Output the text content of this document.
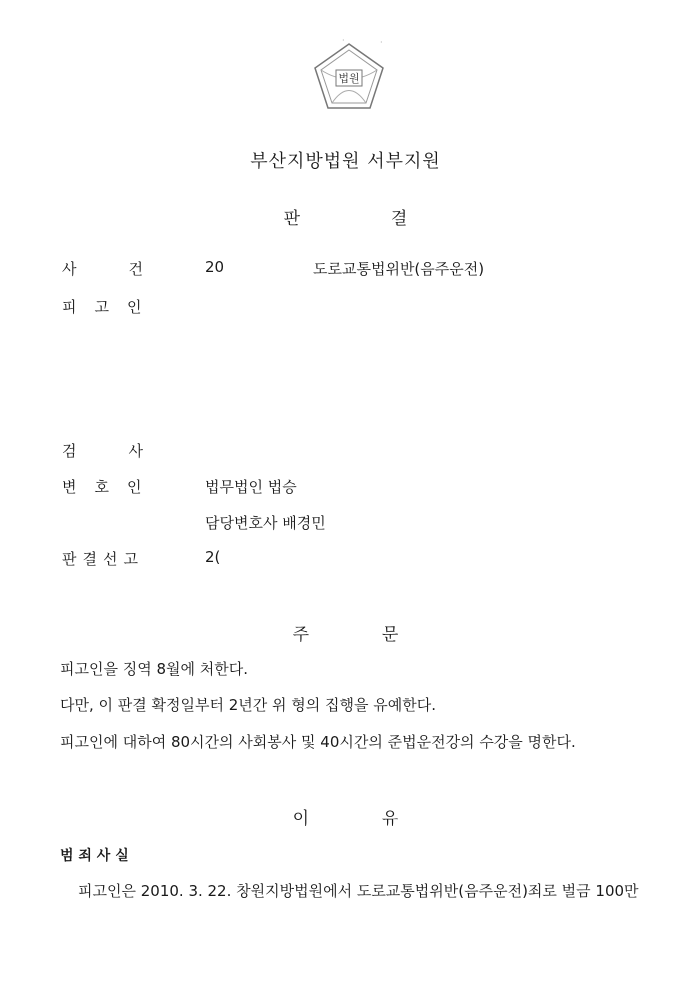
법원
·	·
부산지방법원 서부지원
판	결
사	건	20	도로교통법위반(음주운전)
피 고 인
검	사
변 호 인	법무법인 법승
담당변호사 배경민
판 결 선 고	2(
주	문
피고인을 징역 8월에 처한다.
다만, 이 판결 확정일부터 2년간 위 형의 집행을 유예한다.
피고인에 대하여 80시간의 사회봉사 및 40시간의 준법운전강의 수강을 명한다.
이	유
범 죄 사 실
피고인은 2010. 3. 22. 창원지방법원에서 도로교통법위반(음주운전)죄로 벌금 100만
